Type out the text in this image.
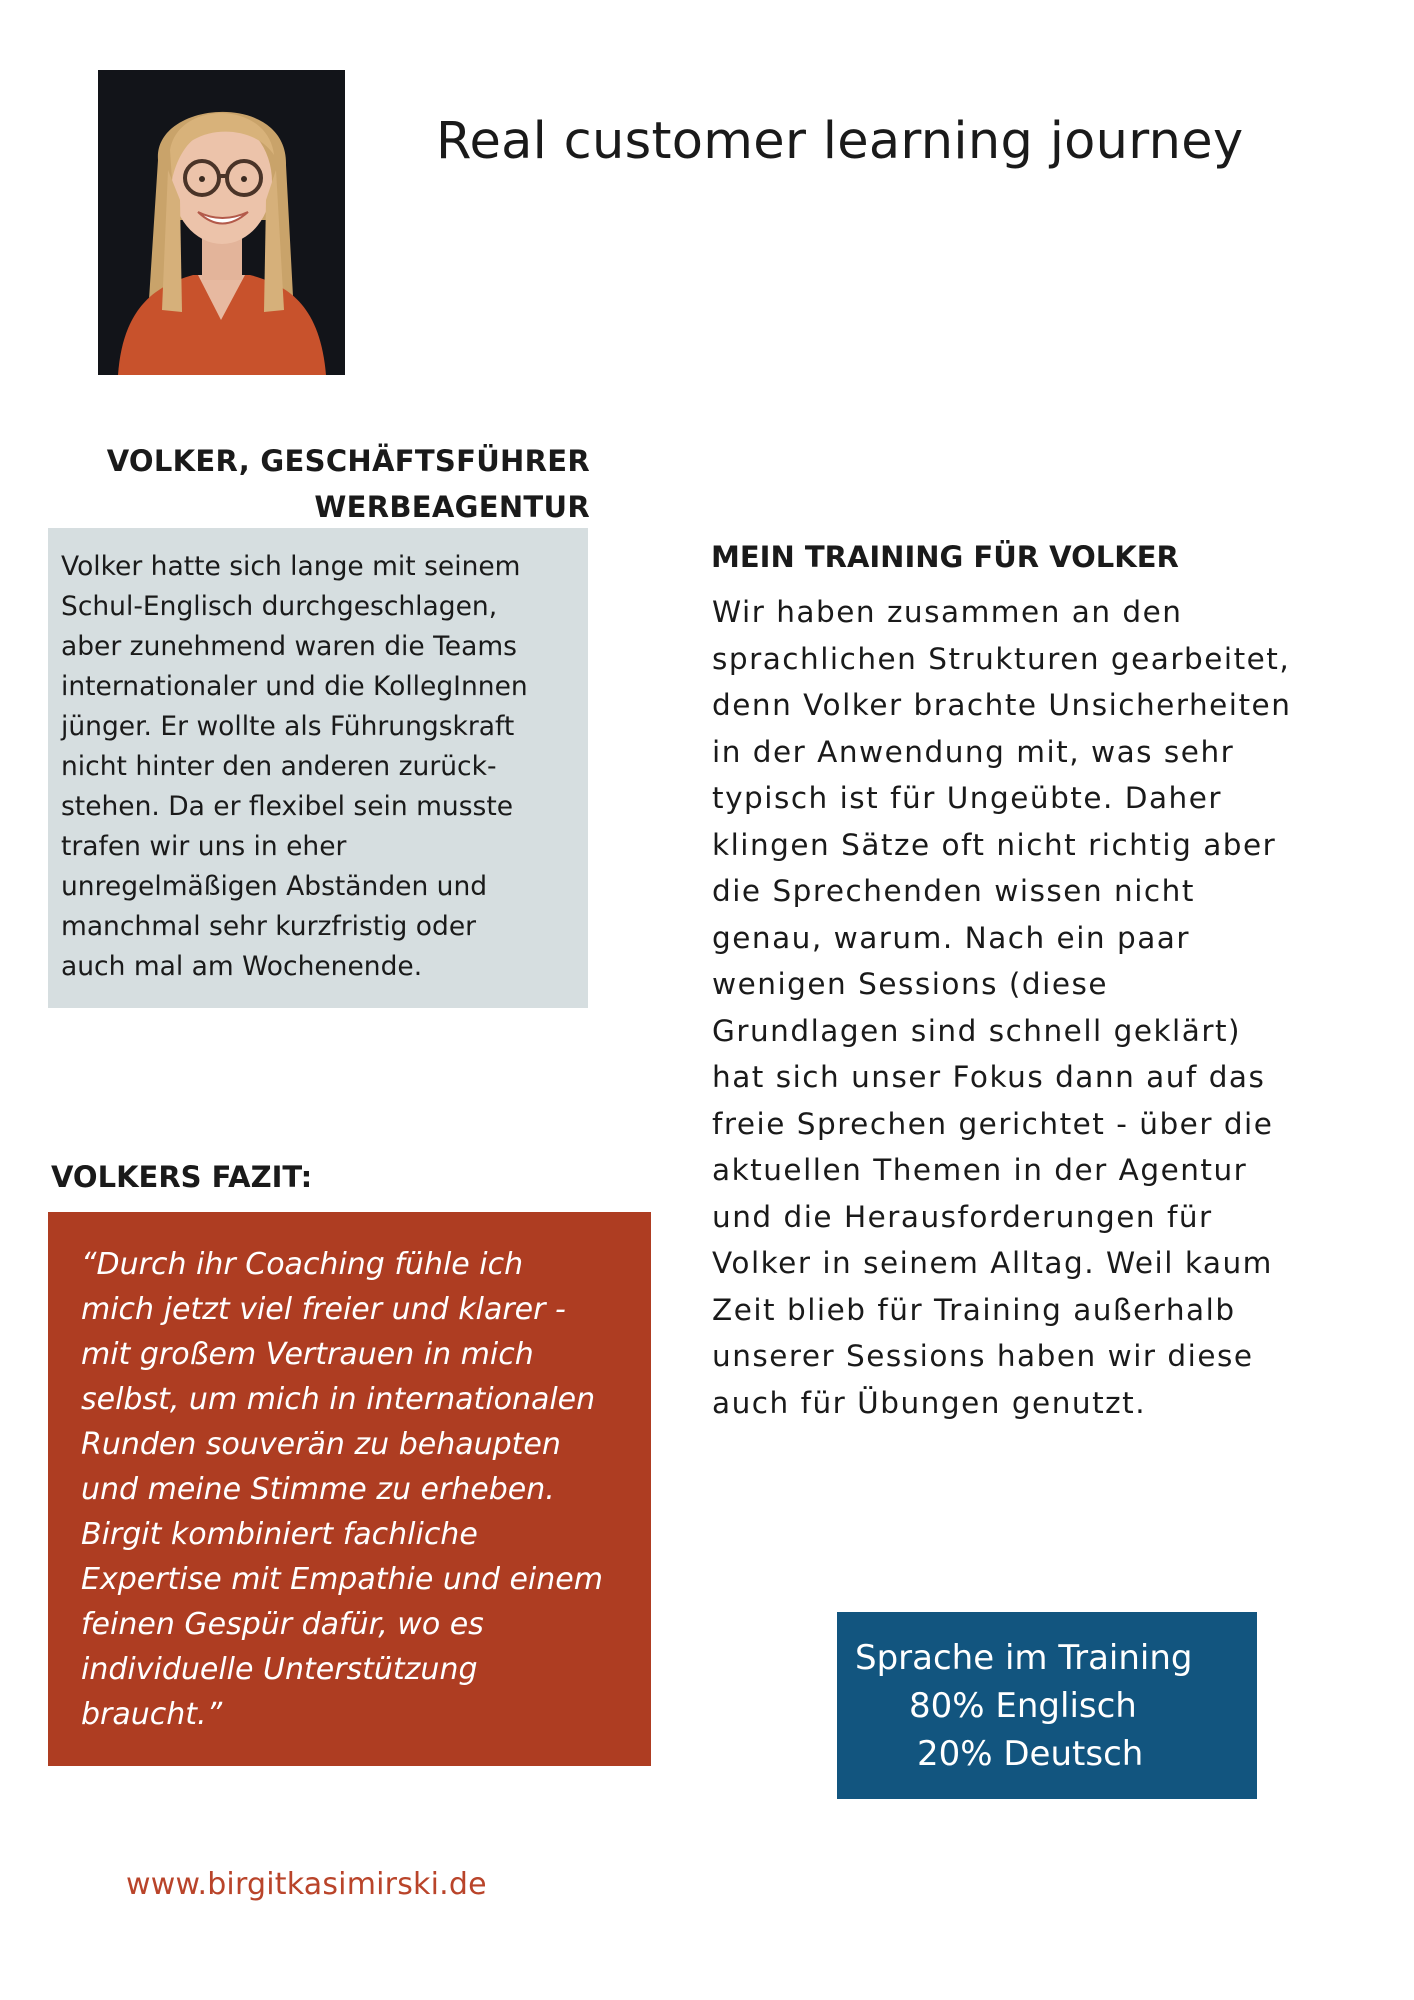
Real customer learning journey
VOLKER, GESCHÄFTSFÜHRER
WERBEAGENTUR

Volker hatte sich lange mit seinem
Schul-Englisch durchgeschlagen,
aber zunehmend waren die Teams
internationaler und die KollegInnen
jünger. Er wollte als Führungskraft
nicht hinter den anderen zurück-
stehen. Da er flexibel sein musste
trafen wir uns in eher
unregelmäßigen Abständen und
manchmal sehr kurzfristig oder
auch mal am Wochenende.

MEIN TRAINING FÜR VOLKER

Wir haben zusammen an den
sprachlichen Strukturen gearbeitet,
denn Volker brachte Unsicherheiten
in der Anwendung mit, was sehr
typisch ist für Ungeübte. Daher
klingen Sätze oft nicht richtig aber
die Sprechenden wissen nicht
genau, warum. Nach ein paar
wenigen Sessions (diese
Grundlagen sind schnell geklärt)
hat sich unser Fokus dann auf das
freie Sprechen gerichtet - über die
aktuellen Themen in der Agentur
und die Herausforderungen für
Volker in seinem Alltag. Weil kaum
Zeit blieb für Training außerhalb
unserer Sessions haben wir diese
auch für Übungen genutzt.

VOLKERS FAZIT:

“Durch ihr Coaching fühle ich
mich jetzt viel freier und klarer -
mit großem Vertrauen in mich
selbst, um mich in internationalen
Runden souverän zu behaupten
und meine Stimme zu erheben.
Birgit kombiniert fachliche
Expertise mit Empathie und einem
feinen Gespür dafür, wo es
individuelle Unterstützung
braucht.”

Sprache im Training
80% Englisch
20% Deutsch
www.birgitkasimirski.de
